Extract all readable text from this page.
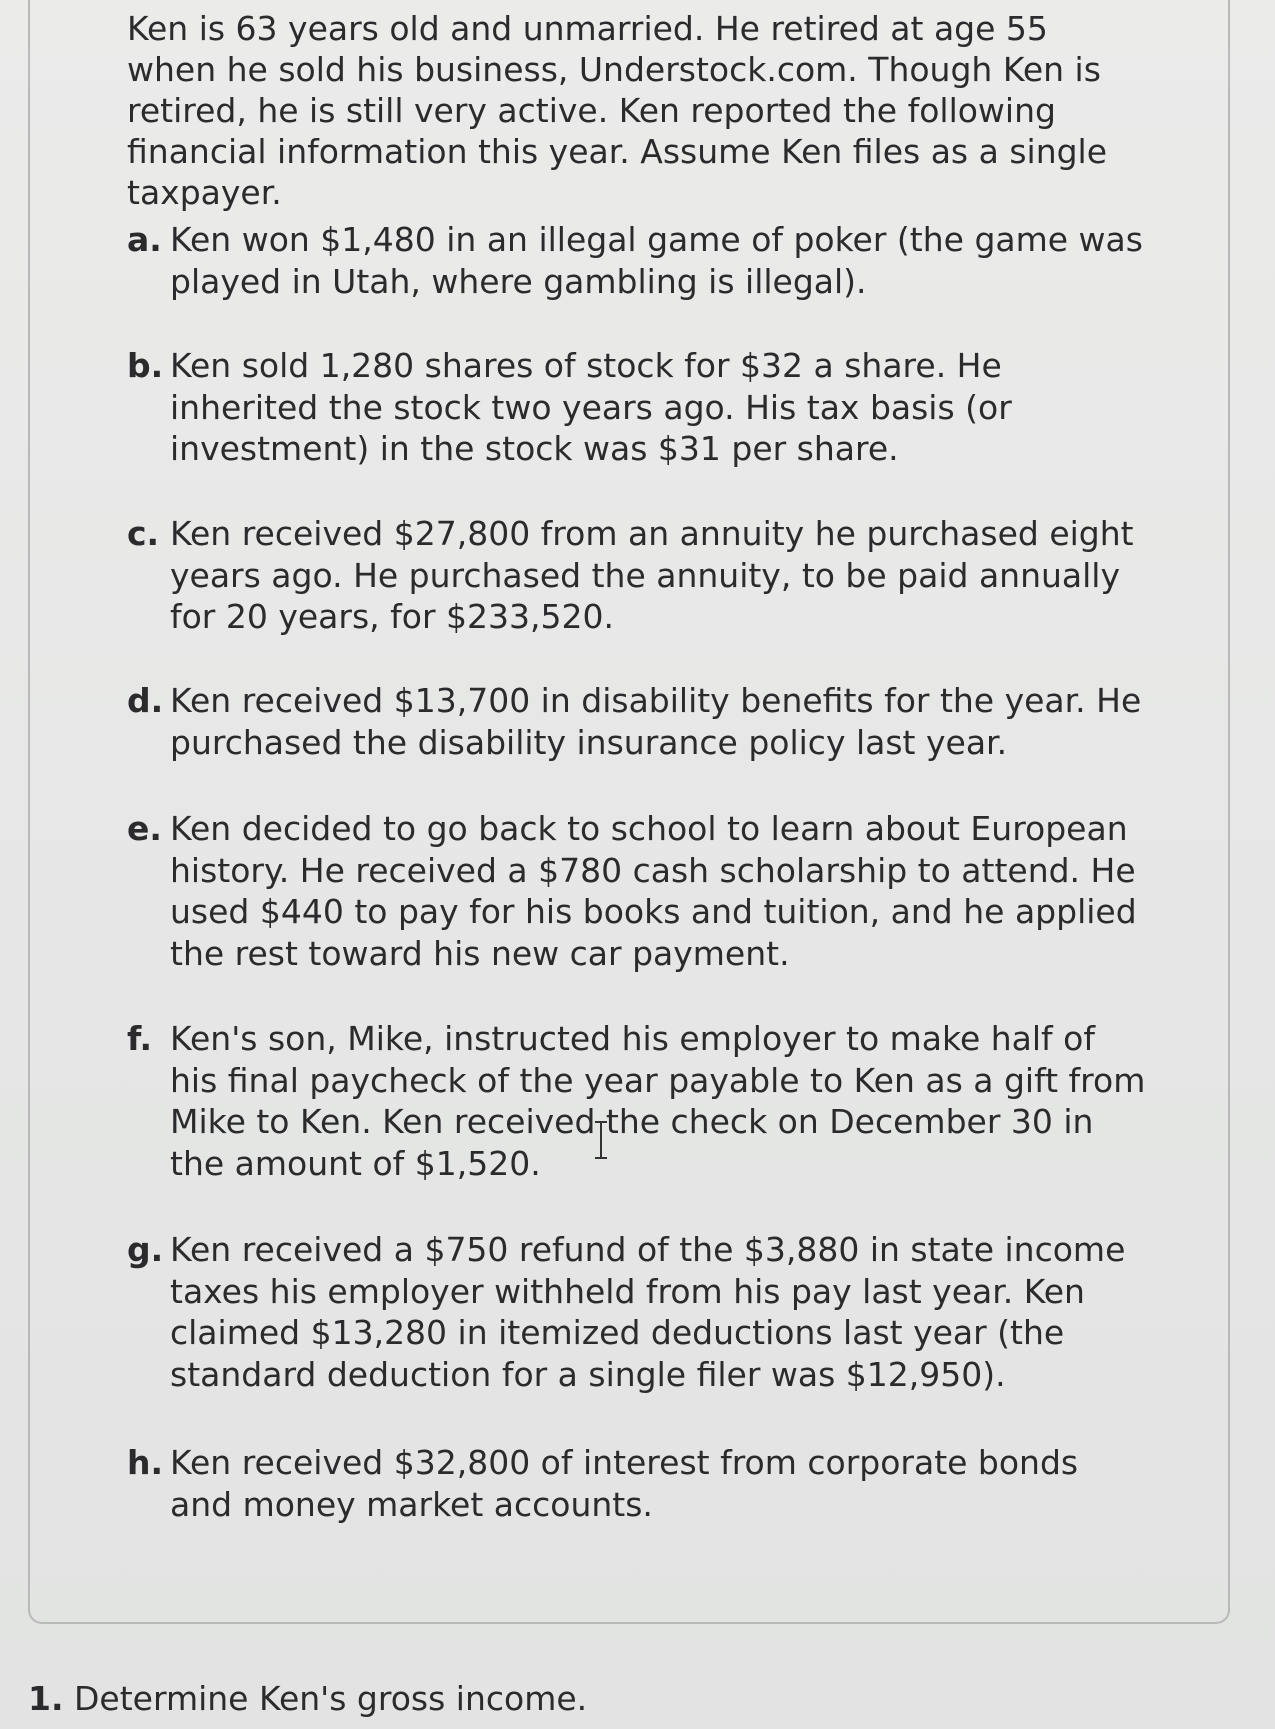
Ken is 63 years old and unmarried. He retired at age 55 when he sold his business, Understock.com. Though Ken is retired, he is still very active. Ken reported the following financial information this year. Assume Ken files as a single taxpayer.

a. Ken won $1,480 in an illegal game of poker (the game was played in Utah, where gambling is illegal).
b. Ken sold 1,280 shares of stock for $32 a share. He inherited the stock two years ago. His tax basis (or investment) in the stock was $31 per share.
c. Ken received $27,800 from an annuity he purchased eight years ago. He purchased the annuity, to be paid annually for 20 years, for $233,520.
d. Ken received $13,700 in disability benefits for the year. He purchased the disability insurance policy last year.
e. Ken decided to go back to school to learn about European history. He received a $780 cash scholarship to attend. He used $440 to pay for his books and tuition, and he applied the rest toward his new car payment.
f. Ken's son, Mike, instructed his employer to make half of his final paycheck of the year payable to Ken as a gift from Mike to Ken. Ken received the check on December 30 in the amount of $1,520.
g. Ken received a $750 refund of the $3,880 in state income taxes his employer withheld from his pay last year. Ken claimed $13,280 in itemized deductions last year (the standard deduction for a single filer was $12,950).
h. Ken received $32,800 of interest from corporate bonds and money market accounts.
1. Determine Ken's gross income.
